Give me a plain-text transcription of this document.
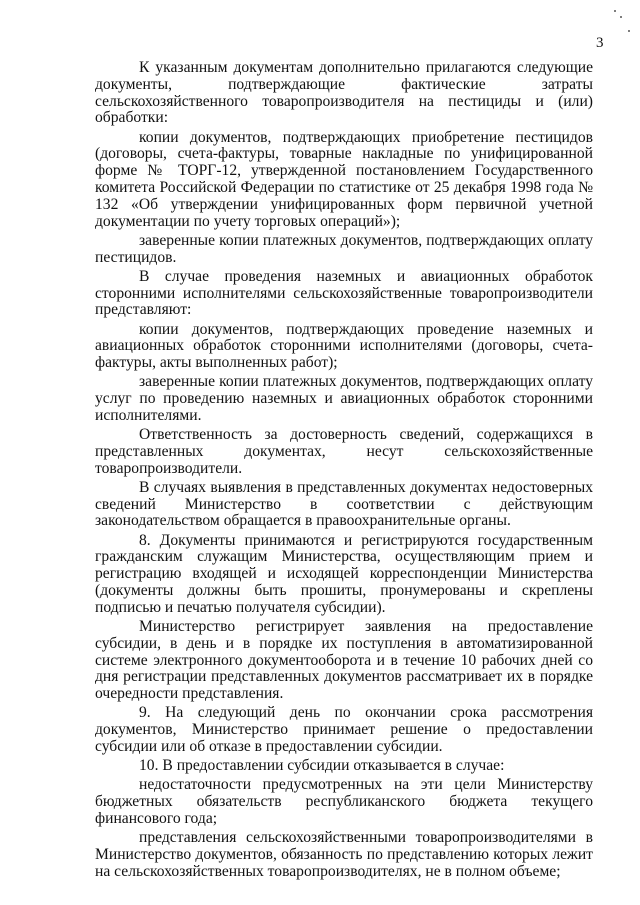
3

К указанным документам дополнительно прилагаются следующие документы, подтверждающие фактические затраты сельскохозяйственного товаропроизводителя на пестициды и (или) обработки:

копии документов, подтверждающих приобретение пестицидов (договоры, счета-фактуры, товарные накладные по унифицированной форме № ТОРГ-12, утвержденной постановлением Государственного комитета Российской Федерации по статистике от 25 декабря 1998 года № 132 «Об утверждении унифицированных форм первичной учетной документации по учету торговых операций»);

заверенные копии платежных документов, подтверждающих оплату пестицидов.

В случае проведения наземных и авиационных обработок сторонними исполнителями сельскохозяйственные товаропроизводители представляют:

копии документов, подтверждающих проведение наземных и авиационных обработок сторонними исполнителями (договоры, счета-фактуры, акты выполненных работ);

заверенные копии платежных документов, подтверждающих оплату услуг по проведению наземных и авиационных обработок сторонними исполнителями.

Ответственность за достоверность сведений, содержащихся в представленных документах, несут сельскохозяйственные товаропроизводители.

В случаях выявления в представленных документах недостоверных сведений Министерство в соответствии с действующим законодательством обращается в правоохранительные органы.

8. Документы принимаются и регистрируются государственным гражданским служащим Министерства, осуществляющим прием и регистрацию входящей и исходящей корреспонденции Министерства (документы должны быть прошиты, пронумерованы и скреплены подписью и печатью получателя субсидии).

Министерство регистрирует заявления на предоставление субсидии, в день и в порядке их поступления в автоматизированной системе электронного документооборота и в течение 10 рабочих дней со дня регистрации представленных документов рассматривает их в порядке очередности представления.

9. На следующий день по окончании срока рассмотрения документов, Министерство принимает решение о предоставлении субсидии или об отказе в предоставлении субсидии.

10. В предоставлении субсидии отказывается в случае:

недостаточности предусмотренных на эти цели Министерству бюджетных обязательств республиканского бюджета текущего финансового года;

представления сельскохозяйственными товаропроизводителями в Министерство документов, обязанность по представлению которых лежит на сельскохозяйственных товаропроизводителях, не в полном объеме;
